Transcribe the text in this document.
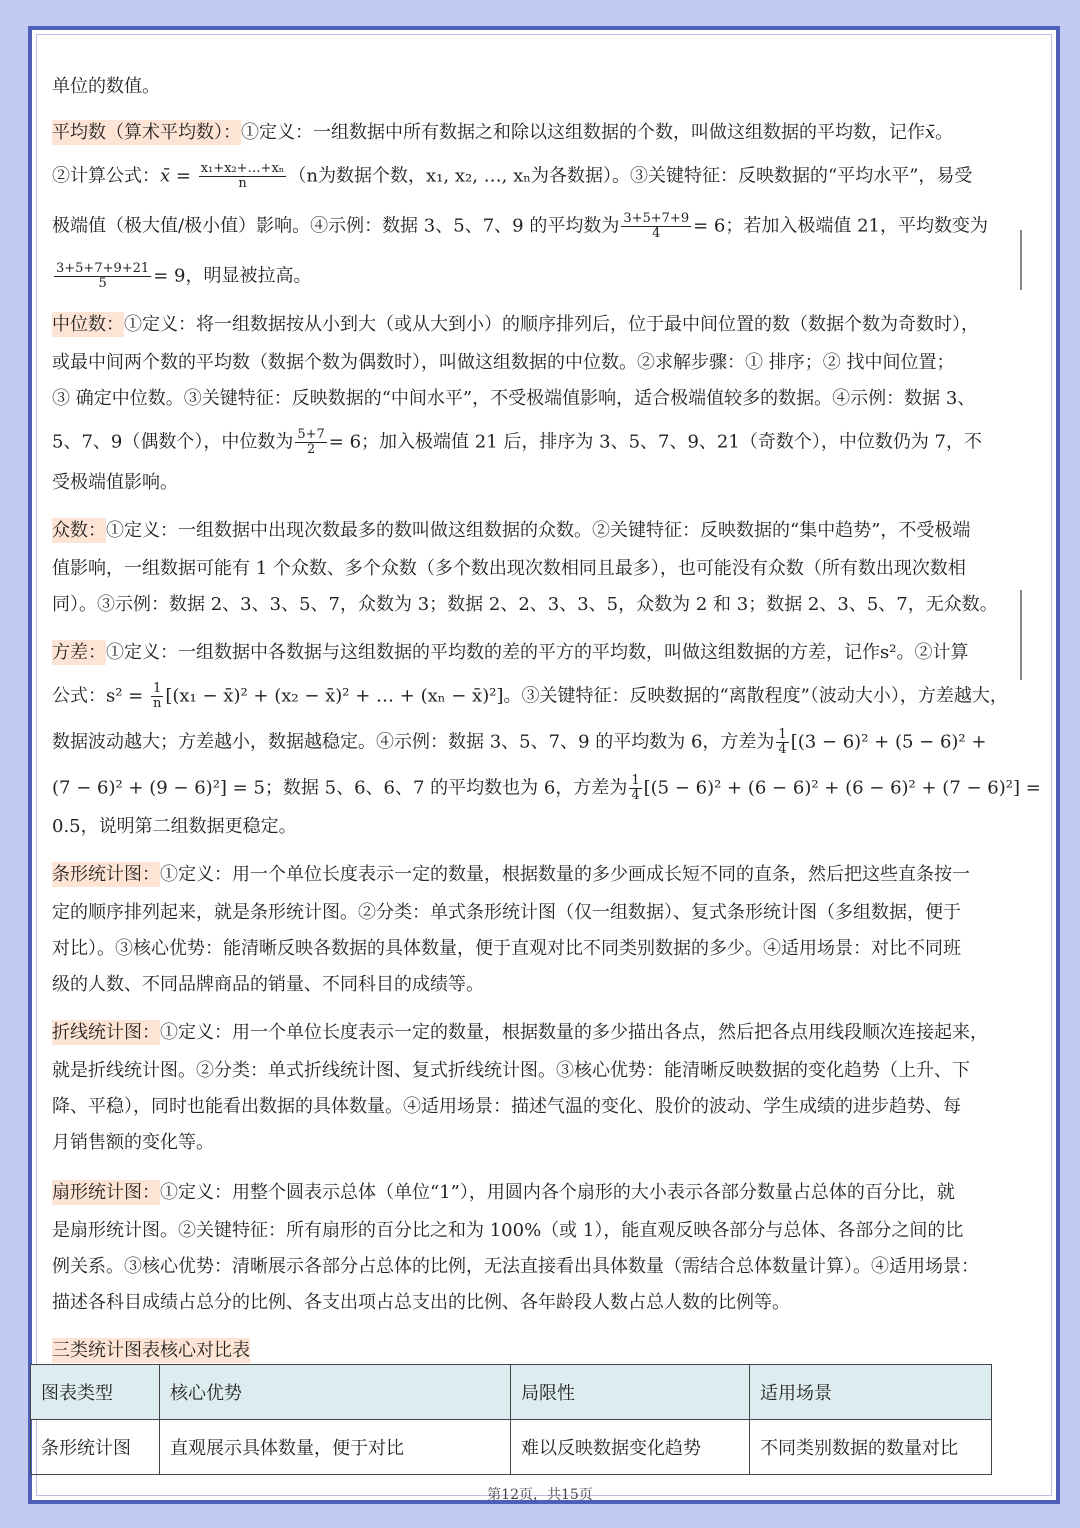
单位的数值。
平均数（算术平均数）：①定义：一组数据中所有数据之和除以这组数据的个数，叫做这组数据的平均数，记作x̄。
②计算公式：x̄ = $\frac{\text{x₁+x₂+…+xₙ}}{n} (n$为数据个数，x₁, x₂, …, xₙ为各数据）。③关键特征：反映数据的“平均水平”，易受
极端值（极大值/极小值）影响。④示例：数据 3、5、7、9 的平均数为 $\frac{3+5+7+9}{4} = 6$；若加入极端值 21，平均数变为
$\frac{3+5+7+9+21}{5} = 9$，明显被拉高。
中位数：①定义：将一组数据按从小到大（或从大到小）的顺序排列后，位于最中间位置的数（数据个数为奇数时），
或最中间两个数的平均数（数据个数为偶数时），叫做这组数据的中位数。②求解步骤：① 排序；② 找中间位置；
③ 确定中位数。③关键特征：反映数据的“中间水平”，不受极端值影响，适合极端值较多的数据。④示例：数据 3、
5、7、9（偶数个），中位数为 $\frac{5+7}{2} = 6$；加入极端值 21 后，排序为 3、5、7、9、21（奇数个），中位数仍为 7，不
受极端值影响。
众数：①定义：一组数据中出现次数最多的数叫做这组数据的众数。②关键特征：反映数据的“集中趋势”，不受极端
值影响，一组数据可能有 1 个众数、多个众数（多个数出现次数相同且最多），也可能没有众数（所有数出现次数相
同）。③示例：数据 2、3、3、5、7，众数为 3；数据 2、2、3、3、5，众数为 2 和 3；数据 2、3、5、7，无众数。
方差：①定义：一组数据中各数据与这组数据的平均数的差的平方的平均数，叫做这组数据的方差，记作s²。②计算
公式：$s^2 = \frac{1}{n} [(x_1$ − x̄)² + (x₂ − x̄)² + … + (xₙ − x̄)²]。③关键特征：反映数据的“离散程度”（波动大小），方差越大，
数据波动越大；方差越小，数据越稳定。④示例：数据 3、5、7、9 的平均数为 6，方差为 $\frac{1}{4} [(3 - 6)^2 + (5 - 6)^2$ +
(7 − 6)² + (9 − 6)²] = 5；数据 5、6、6、7 的平均数也为 6，方差为 $\frac{1}{4} [(5 - 6)^2 + (6 - 6)^2 + (6 - 6)^2 + (7 - 6)^2]$ =
0.5，说明第二组数据更稳定。
条形统计图：①定义：用一个单位长度表示一定的数量，根据数量的多少画成长短不同的直条，然后把这些直条按一
定的顺序排列起来，就是条形统计图。②分类：单式条形统计图（仅一组数据）、复式条形统计图（多组数据，便于
对比）。③核心优势：能清晰反映各数据的具体数量，便于直观对比不同类别数据的多少。④适用场景：对比不同班
级的人数、不同品牌商品的销量、不同科目的成绩等。
折线统计图：①定义：用一个单位长度表示一定的数量，根据数量的多少描出各点，然后把各点用线段顺次连接起来，
就是折线统计图。②分类：单式折线统计图、复式折线统计图。③核心优势：能清晰反映数据的变化趋势（上升、下
降、平稳），同时也能看出数据的具体数量。④适用场景：描述气温的变化、股价的波动、学生成绩的进步趋势、每
月销售额的变化等。
扇形统计图：①定义：用整个圆表示总体（单位“1”），用圆内各个扇形的大小表示各部分数量占总体的百分比，就
是扇形统计图。②关键特征：所有扇形的百分比之和为 100%（或 1），能直观反映各部分与总体、各部分之间的比
例关系。③核心优势：清晰展示各部分占总体的比例，无法直接看出具体数量（需结合总体数量计算）。④适用场景：
描述各科目成绩占总分的比例、各支出项占总支出的比例、各年龄段人数占总人数的比例等。
三类统计图表核心对比表
图表类型	核心优势	局限性	适用场景
条形统计图	直观展示具体数量，便于对比	难以反映数据变化趋势	不同类别数据的数量对比
第12页，共15页
